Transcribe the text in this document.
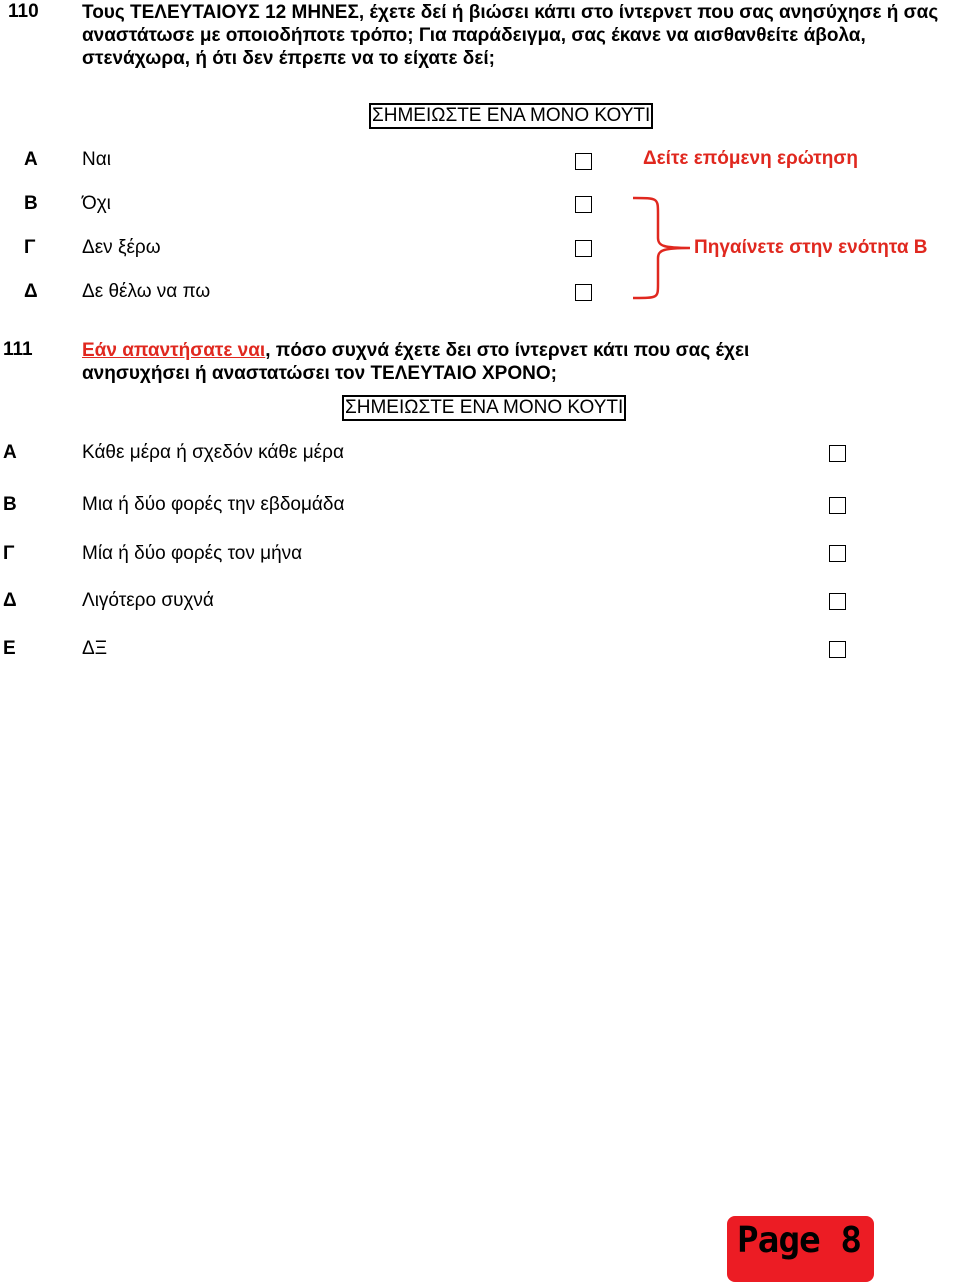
110 Τους ΤΕΛΕΥΤΑΙΟΥΣ 12 ΜΗΝΕΣ, έχετε δεί ή βιώσει κάπι στο ίντερνετ που σας ανησύχησε ή σας αναστάτωσε με οποιοδήποτε τρόπο; Για παράδειγμα, σας έκανε να αισθανθείτε άβολα, στενάχωρα, ή ότι δεν έπρεπε να το είχατε δεί;
ΣΗΜΕΙΩΣΤΕ ΕΝΑ ΜΟΝΟ ΚΟΥΤΙ
Α Ναι	Δείτε επόμενη ερώτηση
Β Όχι
Γ Δεν ξέρω
Δ Δε θέλω να πω
Πηγαίνετε στην ενότητα Β
111	Εάν απαντήσατε ναι, πόσο συχνά έχετε δει στο ίντερνετ κάτι που σας έχει ανησυχήσει ή αναστατώσει τον ΤΕΛΕΥΤΑΙΟ ΧΡΟΝΟ;
ΣΗΜΕΙΩΣΤΕ ΕΝΑ ΜΟΝΟ ΚΟΥΤΙ
Α	Κάθε μέρα ή σχεδόν κάθε μέρα
Β	Μια ή δύο φορές την εβδομάδα
Γ	Μία ή δύο φορές τον μήνα
Δ	Λιγότερο συχνά
Ε	ΔΞ
Page 8
